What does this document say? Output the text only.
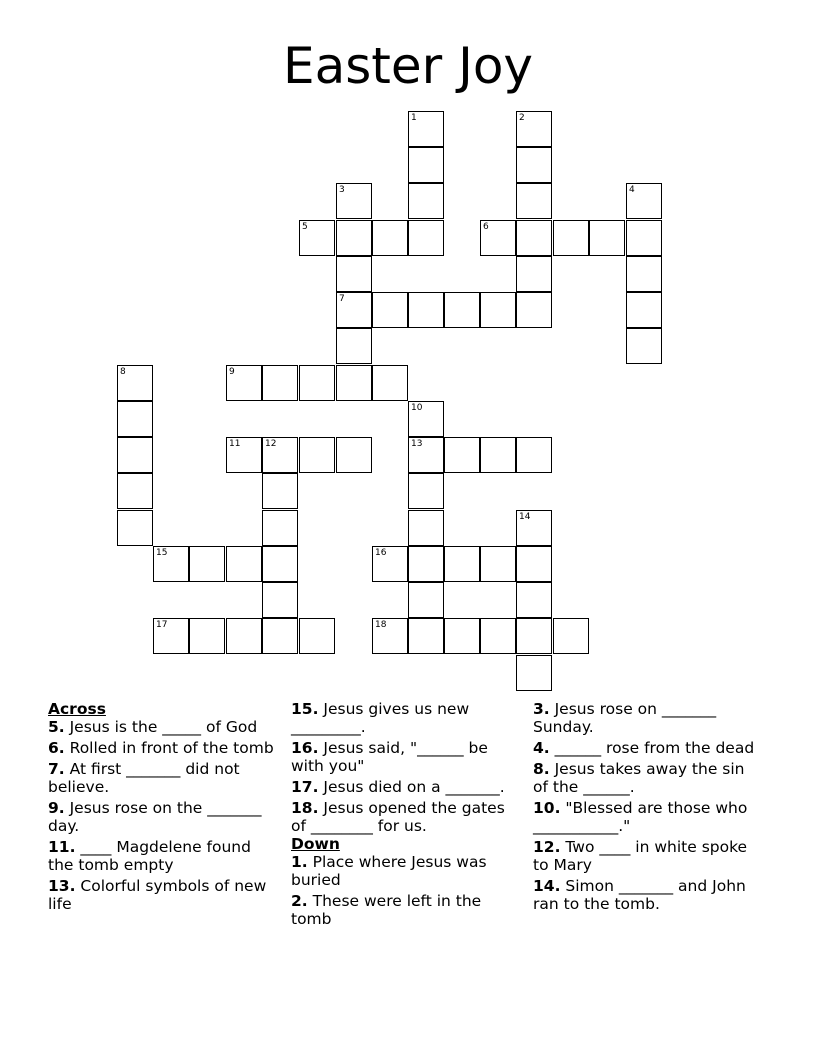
Easter Joy
1	2
3	4
5	6
7
8	9
10
11	12	13
14
15	16
17	18
Across
5. Jesus is the _____ of God
6. Rolled in front of the tomb
7. At first _______ did not believe.
9. Jesus rose on the _______ day.
11. ____ Magdelene found the tomb empty
13. Colorful symbols of new life
15. Jesus gives us new _________.
16. Jesus said, "______ be with you"
17. Jesus died on a _______.
18. Jesus opened the gates of ________ for us.
Down
1. Place where Jesus was buried
2. These were left in the tomb
3. Jesus rose on _______ Sunday.
4. ______ rose from the dead
8. Jesus takes away the sin of the ______.
10. "Blessed are those who ___________."
12. Two ____ in white spoke to Mary
14. Simon _______ and John ran to the tomb.
